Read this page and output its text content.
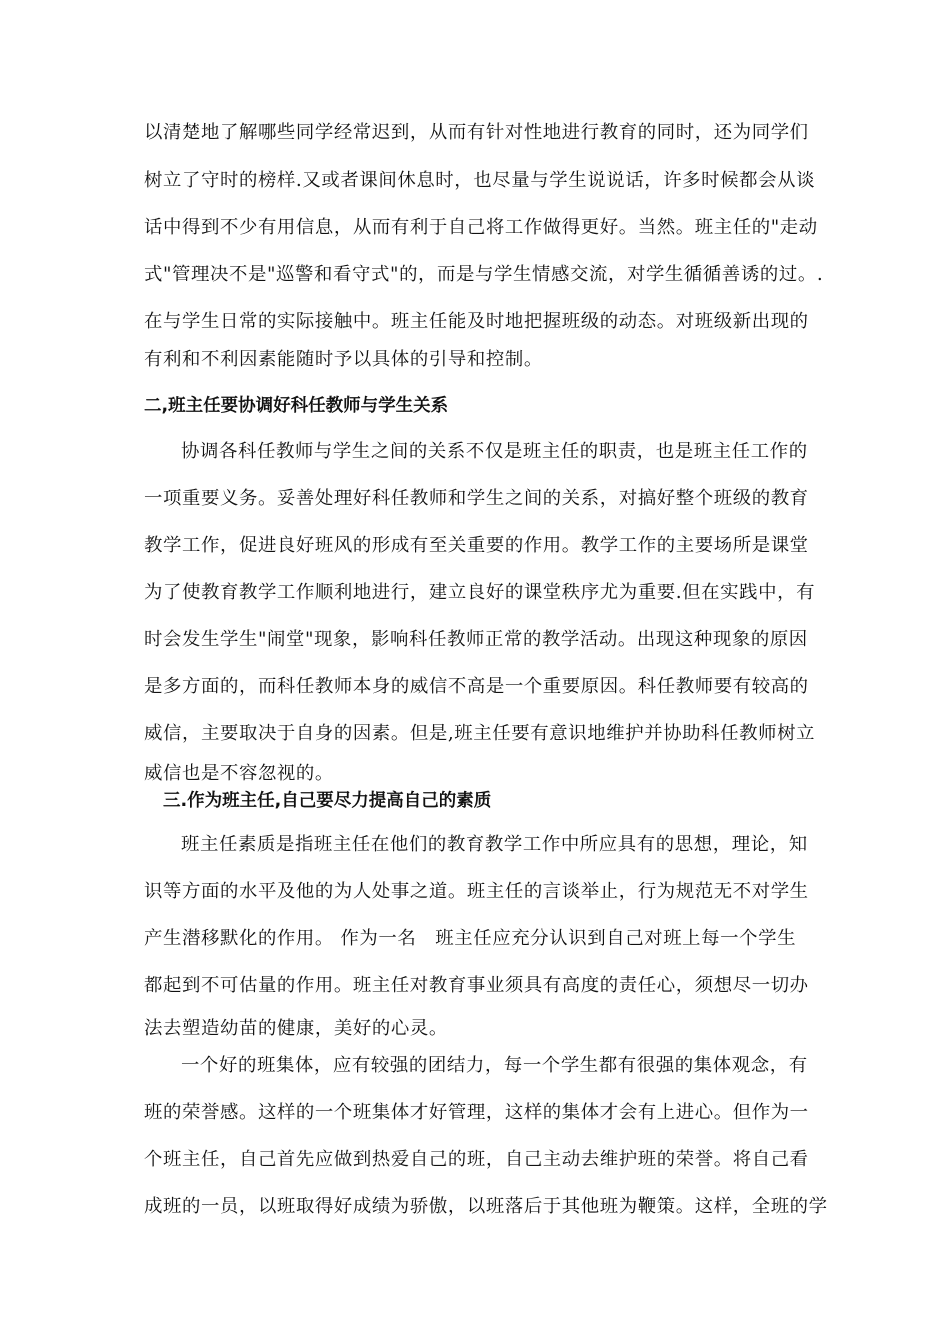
以清楚地了解哪些同学经常迟到，从而有针对性地进行教育的同时，还为同学们
树立了守时的榜样.又或者课间休息时，也尽量与学生说说话，许多时候都会从谈
话中得到不少有用信息，从而有利于自己将工作做得更好。当然。班主任的"走动
式"管理决不是"巡警和看守式"的，而是与学生情感交流，对学生循循善诱的过。.
在与学生日常的实际接触中。班主任能及时地把握班级的动态。对班级新出现的
有利和不利因素能随时予以具体的引导和控制。
二,班主任要协调好科任教师与学生关系
协调各科任教师与学生之间的关系不仅是班主任的职责，也是班主任工作的
一项重要义务。妥善处理好科任教师和学生之间的关系，对搞好整个班级的教育
教学工作，促进良好班风的形成有至关重要的作用。教学工作的主要场所是课堂
为了使教育教学工作顺利地进行，建立良好的课堂秩序尤为重要.但在实践中，有
时会发生学生"闹堂"现象，影响科任教师正常的教学活动。出现这种现象的原因
是多方面的，而科任教师本身的威信不高是一个重要原因。科任教师要有较高的
威信，主要取决于自身的因素。但是,班主任要有意识地维护并协助科任教师树立
威信也是不容忽视的。
三.作为班主任,自己要尽力提高自己的素质
班主任素质是指班主任在他们的教育教学工作中所应具有的思想，理论，知
识等方面的水平及他的为人处事之道。班主任的言谈举止，行为规范无不对学生
产生潜移默化的作用。 作为一名　班主任应充分认识到自己对班上每一个学生
都起到不可估量的作用。班主任对教育事业须具有高度的责任心，须想尽一切办
法去塑造幼苗的健康，美好的心灵。
一个好的班集体，应有较强的团结力，每一个学生都有很强的集体观念，有
班的荣誉感。这样的一个班集体才好管理，这样的集体才会有上进心。但作为一
个班主任，自己首先应做到热爱自己的班，自己主动去维护班的荣誉。将自己看
成班的一员，以班取得好成绩为骄傲，以班落后于其他班为鞭策。这样，全班的学
